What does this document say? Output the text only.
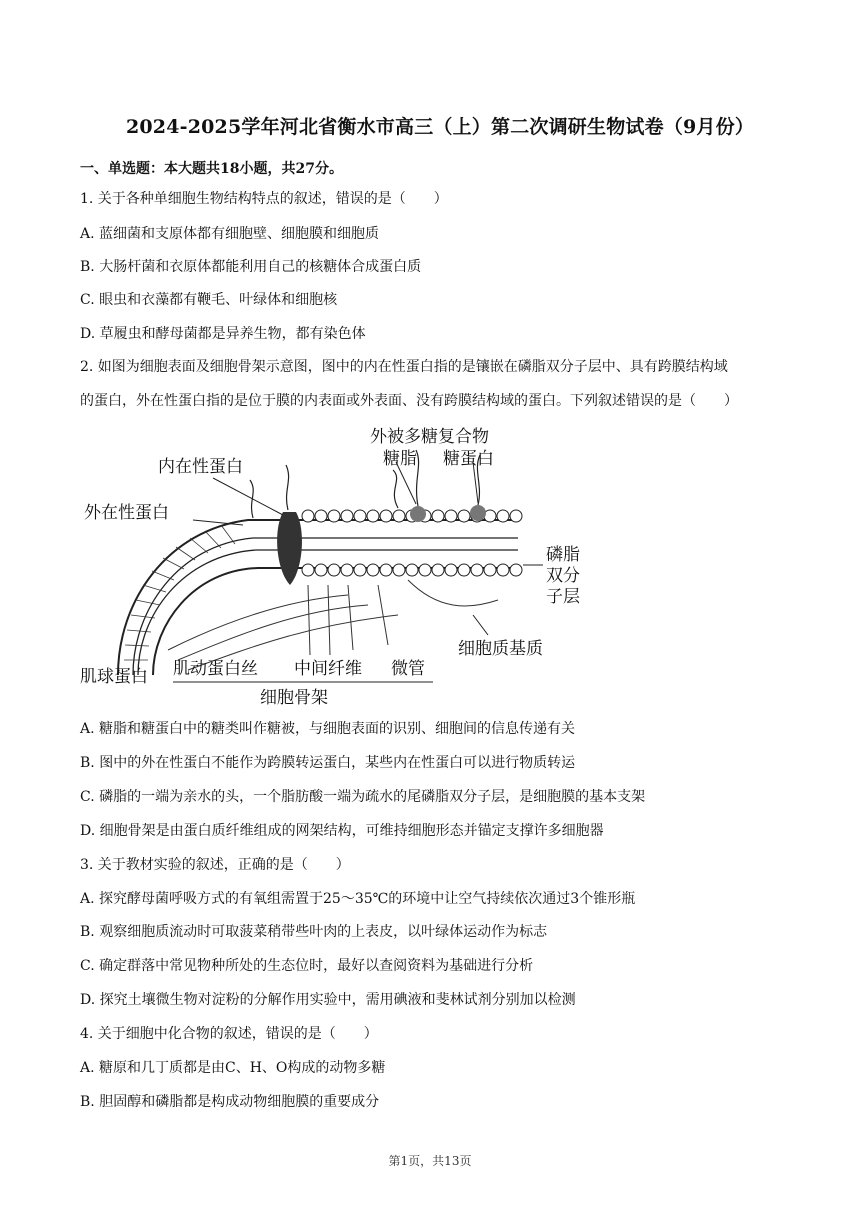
2024-2025学年河北省衡水市高三（上）第二次调研生物试卷（9月份）
一、单选题：本大题共18小题，共27分。
1. 关于各种单细胞生物结构特点的叙述，错误的是（　　）
A. 蓝细菌和支原体都有细胞壁、细胞膜和细胞质
B. 大肠杆菌和衣原体都能利用自己的核糖体合成蛋白质
C. 眼虫和衣藻都有鞭毛、叶绿体和细胞核
D. 草履虫和酵母菌都是异养生物，都有染色体
2. 如图为细胞表面及细胞骨架示意图，图中的内在性蛋白指的是镶嵌在磷脂双分子层中、具有跨膜结构域
的蛋白，外在性蛋白指的是位于膜的内表面或外表面、没有跨膜结构域的蛋白。下列叙述错误的是（　　）
外被多糖复合物
糖脂 糖蛋白
内在性蛋白
外在性蛋白
磷脂
双分
子层
细胞质基质
肌球蛋白 肌动蛋白丝 中间纤维 微管
细胞骨架
A. 糖脂和糖蛋白中的糖类叫作糖被，与细胞表面的识别、细胞间的信息传递有关
B. 图中的外在性蛋白不能作为跨膜转运蛋白，某些内在性蛋白可以进行物质转运
C. 磷脂的一端为亲水的头，一个脂肪酸一端为疏水的尾磷脂双分子层，是细胞膜的基本支架
D. 细胞骨架是由蛋白质纤维组成的网架结构，可维持细胞形态并锚定支撑许多细胞器
3. 关于教材实验的叙述，正确的是（　　）
A. 探究酵母菌呼吸方式的有氧组需置于25～35℃的环境中让空气持续依次通过3个锥形瓶
B. 观察细胞质流动时可取菠菜稍带些叶肉的上表皮，以叶绿体运动作为标志
C. 确定群落中常见物种所处的生态位时，最好以查阅资料为基础进行分析
D. 探究土壤微生物对淀粉的分解作用实验中，需用碘液和斐林试剂分别加以检测
4. 关于细胞中化合物的叙述，错误的是（　　）
A. 糖原和几丁质都是由C、H、O构成的动物多糖
B. 胆固醇和磷脂都是构成动物细胞膜的重要成分
第1页，共13页
